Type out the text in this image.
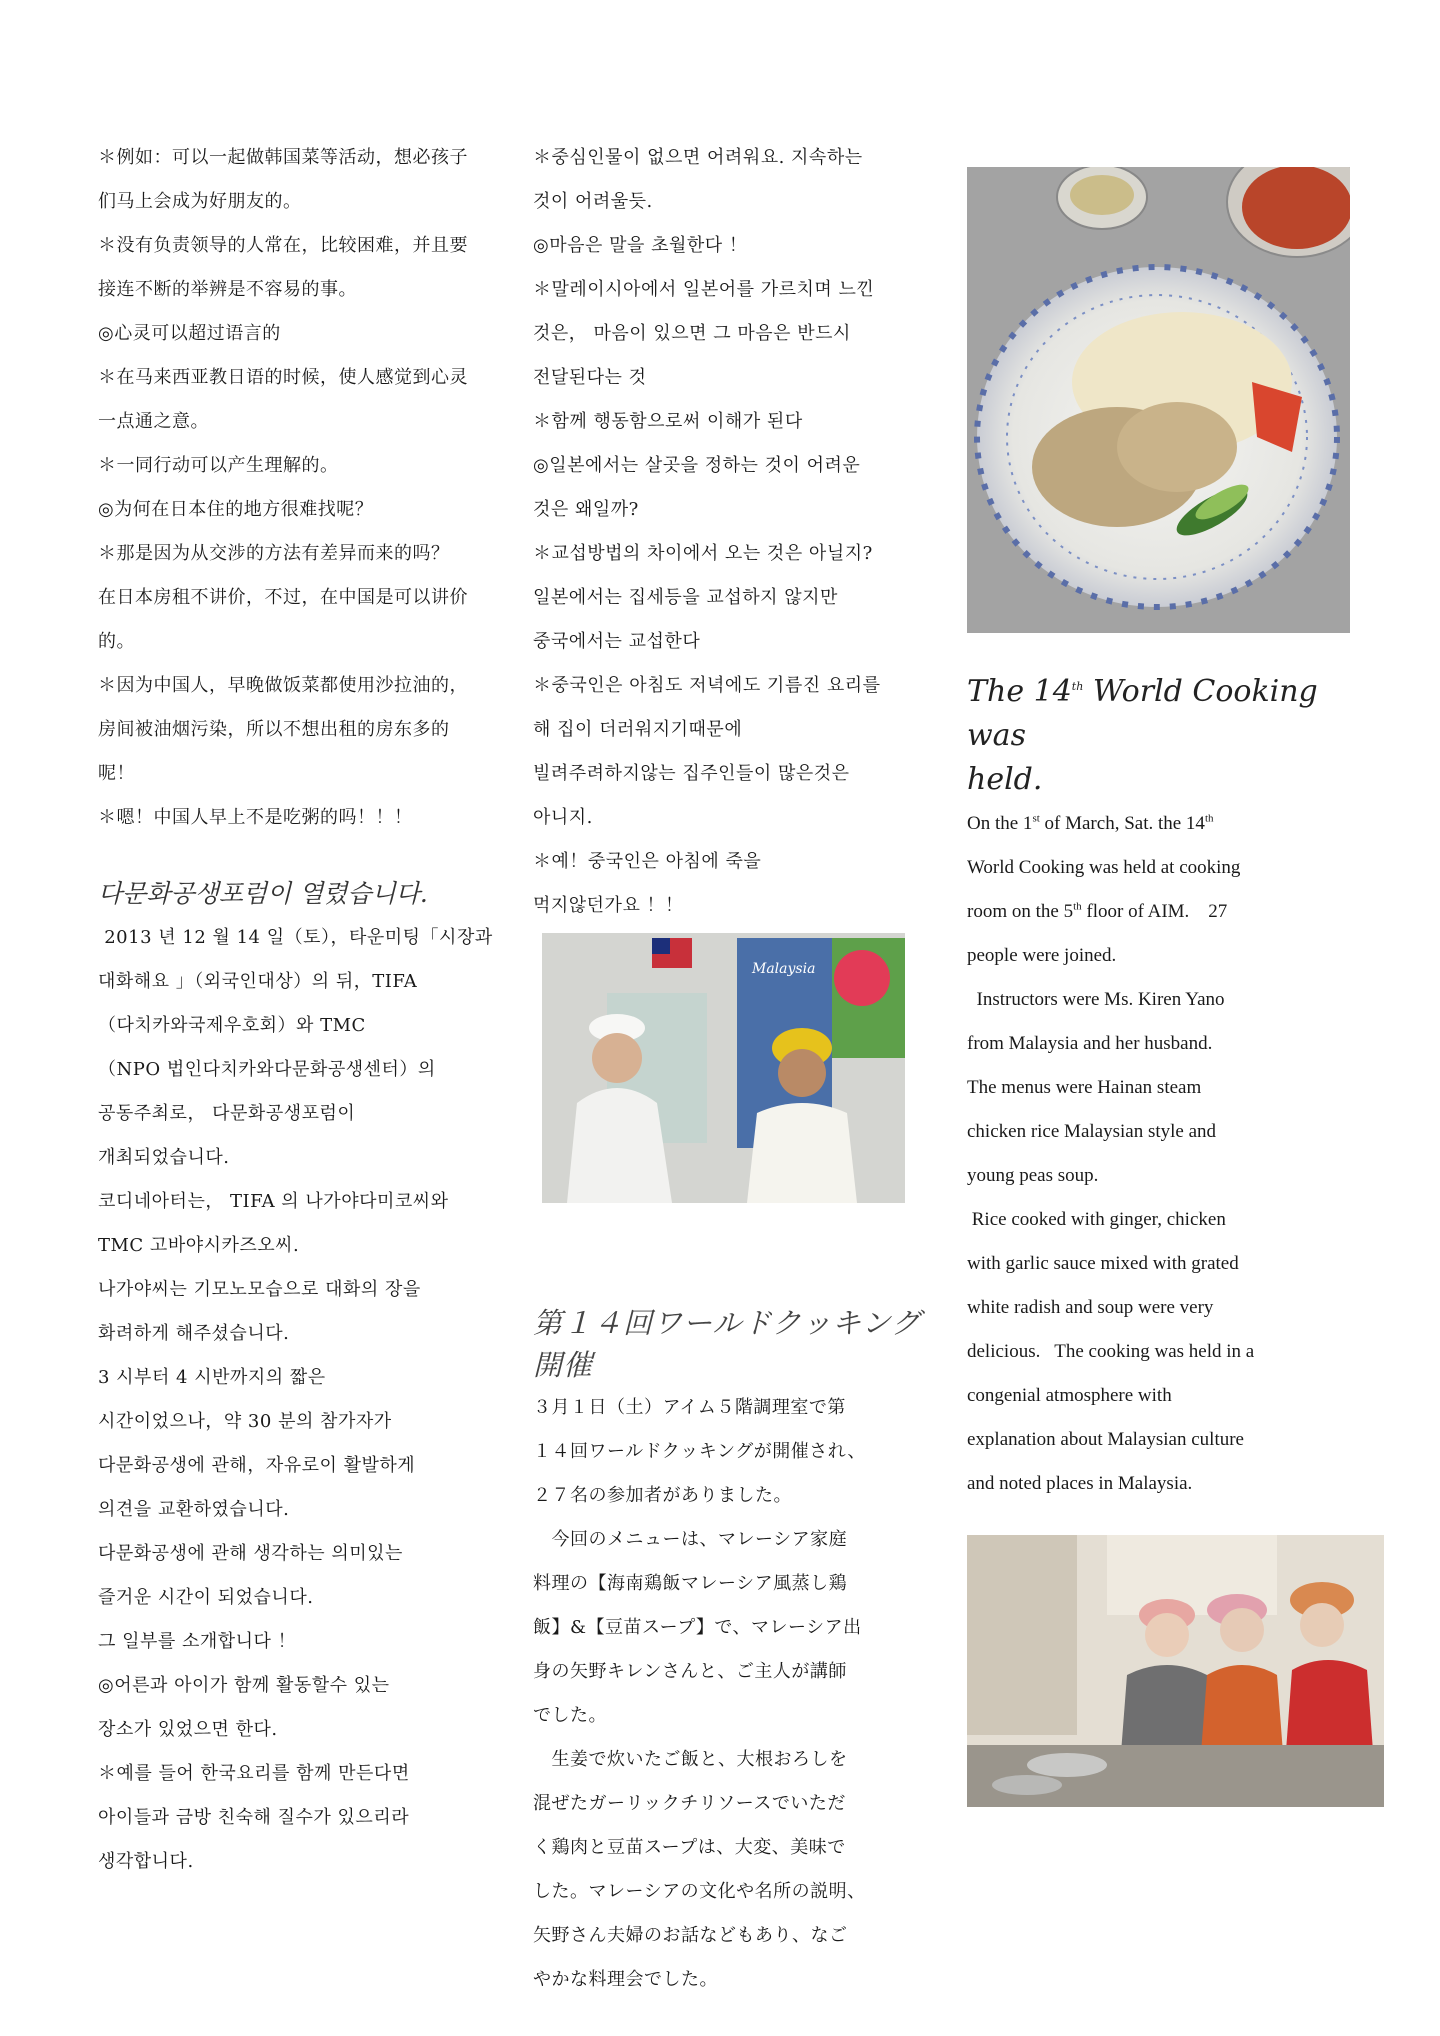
＊例如：可以一起做韩国菜等活动，想必孩子
们马上会成为好朋友的。
＊没有负责领导的人常在，比较困难，并且要
接连不断的举辨是不容易的事。
◎心灵可以超过语言的
＊在马来西亚教日语的时候，使人感觉到心灵
一点通之意。
＊一同行动可以产生理解的。
◎为何在日本住的地方很难找呢？
＊那是因为从交涉的方法有差异而来的吗？
在日本房租不讲价，不过，在中国是可以讲价
的。
＊因为中国人，早晚做饭菜都使用沙拉油的，
房间被油烟污染，所以不想出租的房东多的
呢！
＊嗯！中国人早上不是吃粥的吗！！！
다문화공생포럼이 열렸습니다.
2013 년 12 월 14 일（토），타운미팅「시장과
대화해요 」（외국인대상）의 뒤，TIFA
（다치카와국제우호회）와 TMC
（NPO 법인다치카와다문화공생센터）의
공동주최로， 다문화공생포럼이
개최되었습니다.
코디네아터는， TIFA 의 나가야다미코씨와
TMC 고바야시카즈오씨.
나가야씨는 기모노모습으로 대화의 장을
화려하게 해주셨습니다.
3 시부터 4 시반까지의 짧은
시간이었으나，약 30 분의 참가자가
다문화공생에 관해，자유로이 활발하게
의견을 교환하였습니다.
다문화공생에 관해 생각하는 의미있는
즐거운 시간이 되었습니다.
그 일부를 소개합니다 ！
◎어른과 아이가 함께 활동할수 있는
장소가 있었으면 한다.
＊예를 들어 한국요리를 함께 만든다면
아이들과 금방 친숙해 질수가 있으리라
생각합니다.
＊중심인물이 없으면 어려워요. 지속하는
것이 어려울듯.
◎마음은 말을 초월한다 ！
＊말레이시아에서 일본어를 가르치며 느낀
것은， 마음이 있으면 그 마음은 반드시
전달된다는 것
＊함께 행동함으로써 이해가 된다
◎일본에서는 살곳을 정하는 것이 어려운
것은 왜일까?
＊교섭방법의 차이에서 오는 것은 아닐지?
일본에서는 집세등을 교섭하지 않지만
중국에서는 교섭한다
＊중국인은 아침도 저녁에도 기름진 요리를
해 집이 더러워지기때문에
빌려주려하지않는 집주인들이 많은것은
아니지.
＊예！중국인은 아침에 죽을
먹지않던가요 ！！
第１４回ワールドクッキング開催
３月１日（土）アイム５階調理室で第
１４回ワールドクッキングが開催され、
２７名の参加者がありました。
　今回のメニューは、マレーシア家庭
料理の【海南鶏飯マレーシア風蒸し鶏
飯】&【豆苗スープ】で、マレーシア出
身の矢野キレンさんと、ご主人が講師
でした。
　生姜で炊いたご飯と、大根おろしを
混ぜたガーリックチリソースでいただ
く鶏肉と豆苗スープは、大変、美味で
した。マレーシアの文化や名所の説明、
矢野さん夫婦のお話などもあり、なご
やかな料理会でした。
The 14th World Cooking was
held.
On the 1st of March, Sat. the 14th
World Cooking was held at cooking
room on the 5th floor of AIM.    27
people were joined.
Instructors were Ms. Kiren Yano
from Malaysia and her husband.
The menus were Hainan steam
chicken rice Malaysian style and
young peas soup.
Rice cooked with ginger, chicken
with garlic sauce mixed with grated
white radish and soup were very
delicious.   The cooking was held in a
congenial atmosphere with
explanation about Malaysian culture
and noted places in Malaysia.
Malaysia
